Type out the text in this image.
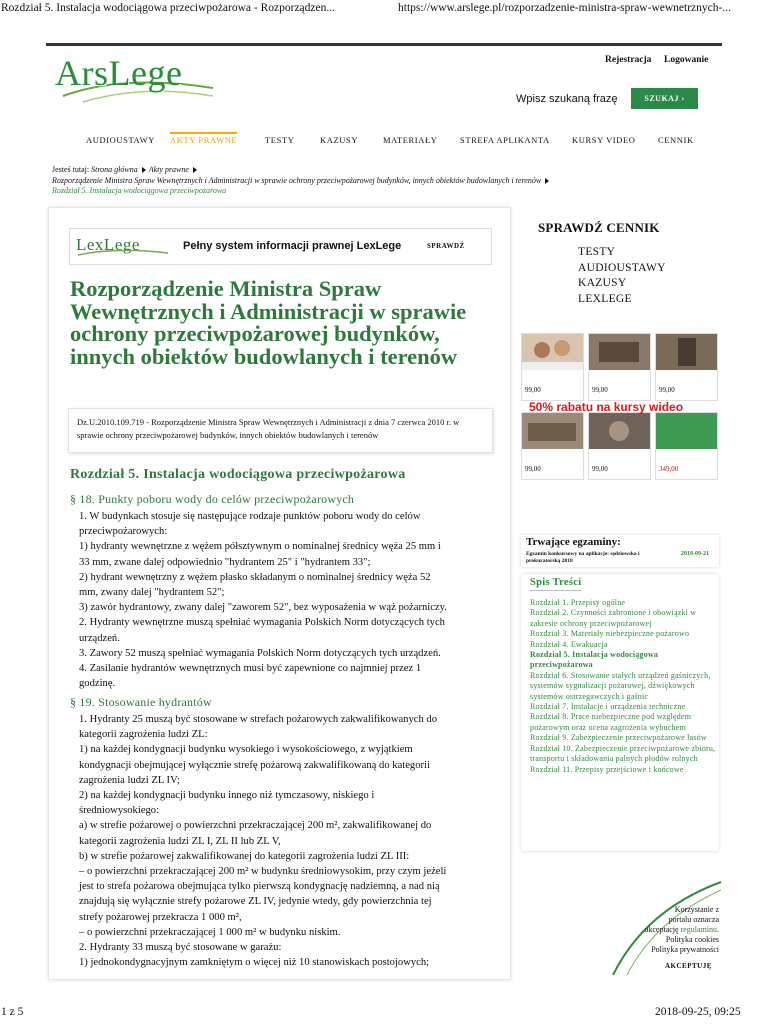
Rozdział 5. Instalacja wodociągowa przeciwpożarowa - Rozporządzen...	https://www.arslege.pl/rozporzadzenie-ministra-spraw-wewnetrznych-...
ArsLege	Rejestracja Logowanie
Wpisz szukaną frazę	SZUKAJ ›
AUDIOUSTAWY AKTY PRAWNE	TESTY	KAZUSY	MATERIAŁY	STREFA APLIKANTA	KURSY VIDEO	CENNIK
Jesteś tutaj: Strona główna Akty prawne
Rozporządzenie Ministra Spraw Wewnętrznych i Administracji w sprawie ochrony przeciwpożarowej budynków, innych obiektów budowlanych i terenów
Rozdział 5. Instalacja wodociągowa przeciwpożarowa
LexLege	Pełny system informacji prawnej LexLege	SPRAWDŹ
Rozporządzenie Ministra Spraw Wewnętrznych i Administracji w sprawie ochrony przeciwpożarowej budynków, innych obiektów budowlanych i terenów
Dz.U.2010.109.719 - Rozporządzenie Ministra Spraw Wewnętrznych i Administracji z dnia 7 czerwca 2010 r. w sprawie ochrony przeciwpożarowej budynków, innych obiektów budowlanych i terenów
Rozdział 5. Instalacja wodociągowa przeciwpożarowa
§ 18. Punkty poboru wody do celów przeciwpożarowych
1. W budynkach stosuje się następujące rodzaje punktów poboru wody do celów
przeciwpożarowych:
1) hydranty wewnętrzne z wężem półsztywnym o nominalnej średnicy węża 25 mm i
33 mm, zwane dalej odpowiednio "hydrantem 25" i "hydrantem 33";
2) hydrant wewnętrzny z wężem płasko składanym o nominalnej średnicy węża 52
mm, zwany dalej "hydrantem 52";
3) zawór hydrantowy, zwany dalej "zaworem 52", bez wyposażenia w wąż pożarniczy.
2. Hydranty wewnętrzne muszą spełniać wymagania Polskich Norm dotyczących tych
urządzeń.
3. Zawory 52 muszą spełniać wymagania Polskich Norm dotyczących tych urządzeń.
4. Zasilanie hydrantów wewnętrznych musi być zapewnione co najmniej przez 1
godzinę.
§ 19. Stosowanie hydrantów
1. Hydranty 25 muszą być stosowane w strefach pożarowych zakwalifikowanych do
kategorii zagrożenia ludzi ZL:
1) na każdej kondygnacji budynku wysokiego i wysokościowego, z wyjątkiem
kondygnacji obejmującej wyłącznie strefę pożarową zakwalifikowaną do kategorii
zagrożenia ludzi ZL IV;
2) na każdej kondygnacji budynku innego niż tymczasowy, niskiego i
średniowysokiego:
a) w strefie pożarowej o powierzchni przekraczającej 200 m², zakwalifikowanej do
kategorii zagrożenia ludzi ZL I, ZL II lub ZL V,
b) w strefie pożarowej zakwalifikowanej do kategorii zagrożenia ludzi ZL III:
– o powierzchni przekraczającej 200 m² w budynku średniowysokim, przy czym jeżeli
jest to strefa pożarowa obejmująca tylko pierwszą kondygnację nadziemną, a nad nią
znajdują się wyłącznie strefy pożarowe ZL IV, jedynie wtedy, gdy powierzchnia tej
strefy pożarowej przekracza 1 000 m²,
– o powierzchni przekraczającej 1 000 m² w budynku niskim.
2. Hydranty 33 muszą być stosowane w garażu:
1) jednokondygnacyjnym zamkniętym o więcej niż 10 stanowiskach postojowych;
SPRAWDŹ CENNIK
TESTY
AUDIOUSTAWY
KAZUSY
LEXLEGE
99,00	99,00	99,00
99,00	99,00	349,00
50% rabatu na kursy wideo
Trwające egzaminy:
Egzamin konkursowy na aplikacje: sędziowska i prokuratorską 2018
2018-09-21
Spis Treści
Rozdział 1. Przepisy ogólne
Rozdział 2. Czynności zabronione i obowiązki w zakresie ochrony przeciwpożarowej
Rozdział 3. Materiały niebezpieczne pożarowo
Rozdział 4. Ewakuacja
Rozdział 5. Instalacja wodociągowa przeciwpożarowa
Rozdział 6. Stosowanie stałych urządzeń gaśniczych, systemów sygnalizacji pożarowej, dźwiękowych systemów ostrzegawczych i gaśnic
Rozdział 7. Instalacje i urządzenia techniczne
Rozdział 8. Prace niebezpieczne pod względem pożarowym oraz ocena zagrożenia wybuchem
Rozdział 9. Zabezpieczenie przeciwpożarowe lasów
Rozdział 10. Zabezpieczenie przeciwpożarowe zbioru, transportu i składowania palnych płodów rolnych
Rozdział 11. Przepisy przejściowe i końcowe
Korzystanie z
portalu oznacza
akceptację regulaminu.
Polityka cookies
Polityka prywatności
AKCEPTUJĘ
1 z 5	2018-09-25, 09:25
